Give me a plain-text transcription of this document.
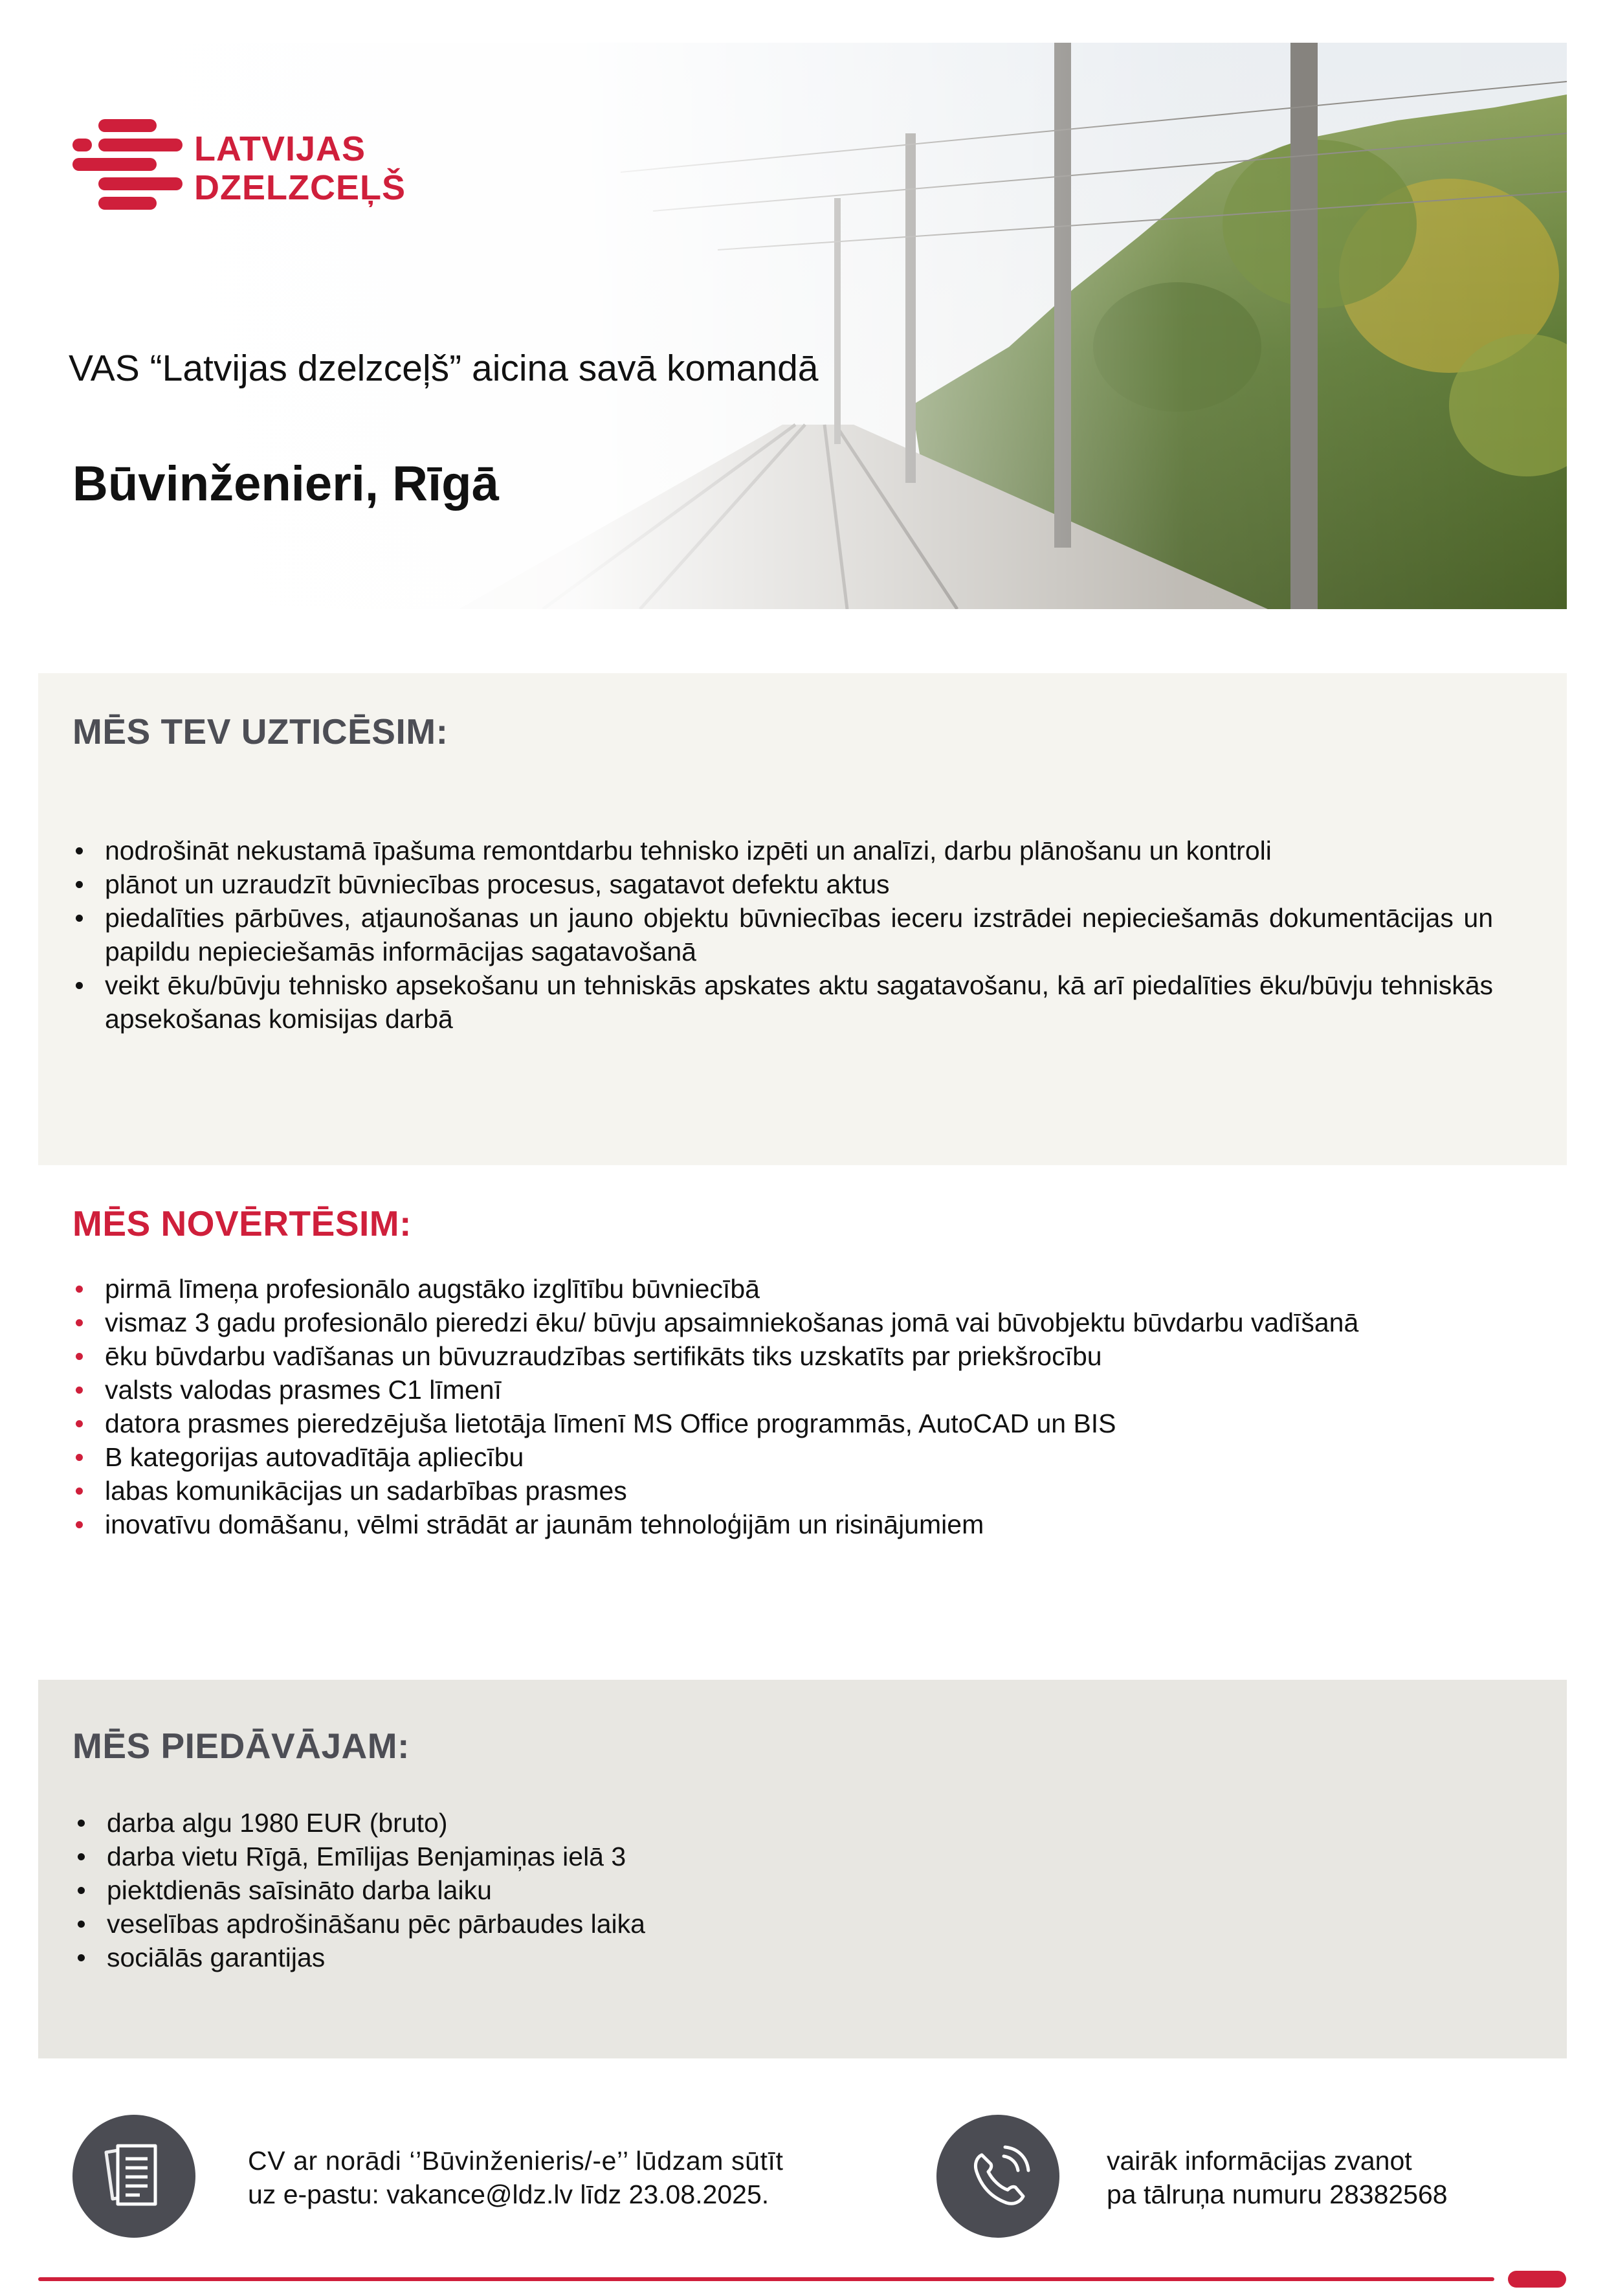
LATVIJAS
DZELZCEĻŠ
VAS “Latvijas dzelzceļš” aicina savā komandā
Būvinženieri, Rīgā
MĒS TEV UZTICĒSIM:
nodrošināt nekustamā īpašuma remontdarbu tehnisko izpēti un analīzi, darbu plānošanu un kontroli
plānot un uzraudzīt būvniecības procesus, sagatavot defektu aktus
piedalīties pārbūves, atjaunošanas un jauno objektu būvniecības ieceru izstrādei nepieciešamās dokumentācijas un papildu nepieciešamās informācijas sagatavošanā
veikt ēku/būvju tehnisko apsekošanu un tehniskās apskates aktu sagatavošanu, kā arī piedalīties ēku/būvju tehniskās apsekošanas komisijas darbā
MĒS NOVĒRTĒSIM:
pirmā līmeņa profesionālo augstāko izglītību būvniecībā
vismaz 3 gadu profesionālo pieredzi ēku/ būvju apsaimniekošanas jomā vai būvobjektu būvdarbu vadīšanā
ēku būvdarbu vadīšanas un būvuzraudzības sertifikāts tiks uzskatīts par priekšrocību
valsts valodas prasmes C1 līmenī
datora prasmes pieredzējuša lietotāja līmenī MS Office programmās, AutoCAD un BIS
B kategorijas autovadītāja apliecību
labas komunikācijas un sadarbības prasmes
inovatīvu domāšanu, vēlmi strādāt ar jaunām tehnoloģijām un risinājumiem
MĒS PIEDĀVĀJAM:
darba algu 1980 EUR (bruto)
darba vietu Rīgā, Emīlijas Benjamiņas ielā 3
piektdienās saīsināto darba laiku
veselības apdrošināšanu pēc pārbaudes laika
sociālās garantijas
CV ar norādi ‘’Būvinženieris/-e’’ lūdzam sūtīt
uz e-pastu: vakance@ldz.lv līdz 23.08.2025.
vairāk informācijas zvanot
pa tālruņa numuru 28382568
